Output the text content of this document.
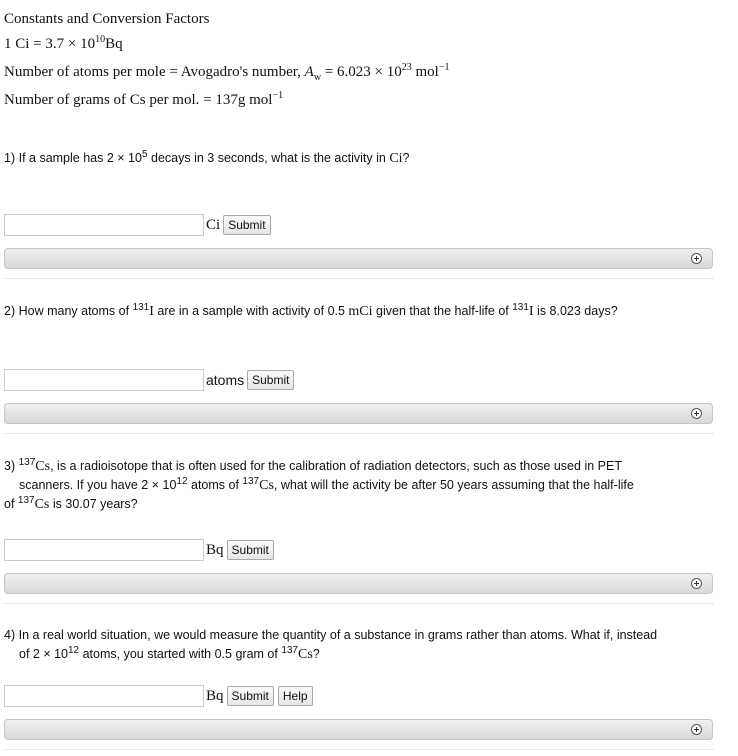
Constants and Conversion Factors
1 $Ci = 3.7 \times 10^{10}Bq$
Number of atoms per mole = Avogadro's number, $A_w = 6.023 \times 10^{23}$ mol$^{-1}$
Number of grams of Cs per mol. = 137g mol$^{-1}$
1) If a sample has $2 \times 10^5$ decays in 3 seconds, what is the activity in Ci?
Ci Submit
2) How many atoms of $^{131}$I are in a sample with activity of 0.5 mCi given that the half-life of $^{131}$I is 8.023 days?
atoms Submit
3) $^{137}$Cs, is a radioisotope that is often used for the calibration of radiation detectors, such as those used in PET
scanners. If you have $2 \times 10^{12}$ atoms of $^{137}$Cs, what will the activity be after 50 years assuming that the half-life
of $^{137}$Cs is 30.07 years?
Bq Submit
4) In a real world situation, we would measure the quantity of a substance in grams rather than atoms. What if, instead
of $2 \times 10^{12}$ atoms, you started with 0.5 gram of $^{137}$Cs?
Bq Submit	Help
